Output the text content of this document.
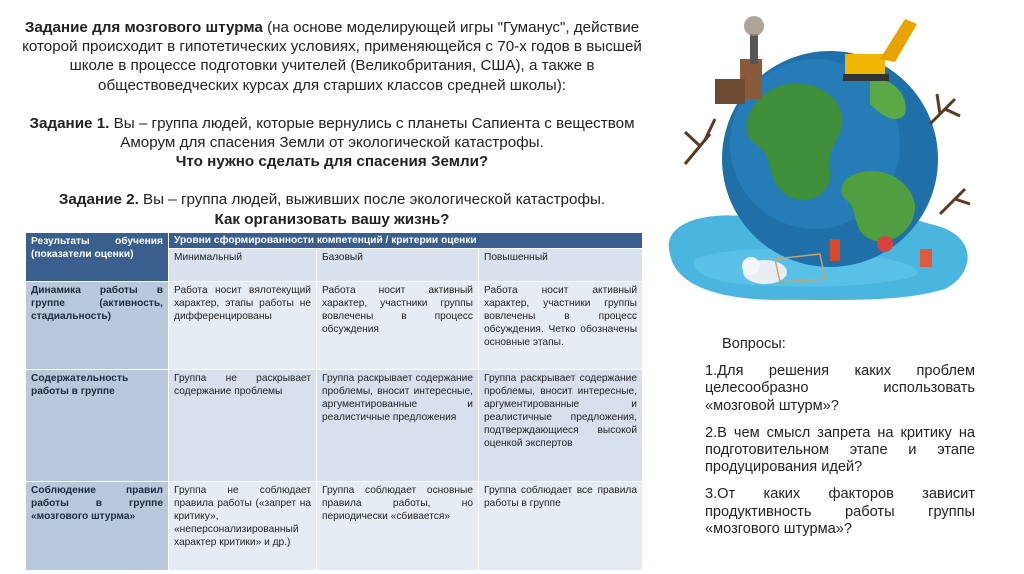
Задание для мозгового штурма (на основе моделирующей игры "Гуманус", действие которой происходит в гипотетических условиях, применяющейся с 70-х годов в высшей школе в процессе подготовки учителей (Великобритания, США), а также в обществоведческих курсах для старших классов средней школы):

Задание 1. Вы – группа людей, которые вернулись с планеты Сапиента с веществом Аморум для спасения Земли от экологической катастрофы.

Что нужно сделать для спасения Земли?

Задание 2. Вы – группа людей, выживших после экологической катастрофы.

Как организовать вашу жизнь?

Результаты обучения (показатели оценки)	Уровни сформированности компетенций / критерии оценки		
	Минимальный	Базовый	Повышенный
Динамика работы в группе (активность, стадиальность)	Работа носит вялотекущий характер, этапы работы не дифференцированы	Работа носит активный характер, участники группы вовлечены в процесс обсуждения	Работа носит активный характер, участники группы вовлечены в процесс обсуждения. Четко обозначены основные этапы.
Содержательность работы в группе	Группа не раскрывает содержание проблемы	Группа раскрывает содержание проблемы, вносит интересные, аргументированные и реалистичные предложения	Группа раскрывает содержание проблемы, вносит интересные, аргументированные и реалистичные предложения, подтверждающиеся высокой оценкой экспертов
Соблюдение правил работы в группе «мозгового штурма»	Группа не соблюдает правила работы («запрет на критику», «неперсонализированный характер критики» и др.)	Группа соблюдает основные правила работы, но периодически «сбивается»	Группа соблюдает все правила работы в группе

Вопросы:

1.Для решения каких проблем целесообразно использовать «мозговой штурм»?

2.В чем смысл запрета на критику на подготовительном этапе и этапе продуцирования идей?

3.От каких факторов зависит продуктивность работы группы «мозгового штурма»?
